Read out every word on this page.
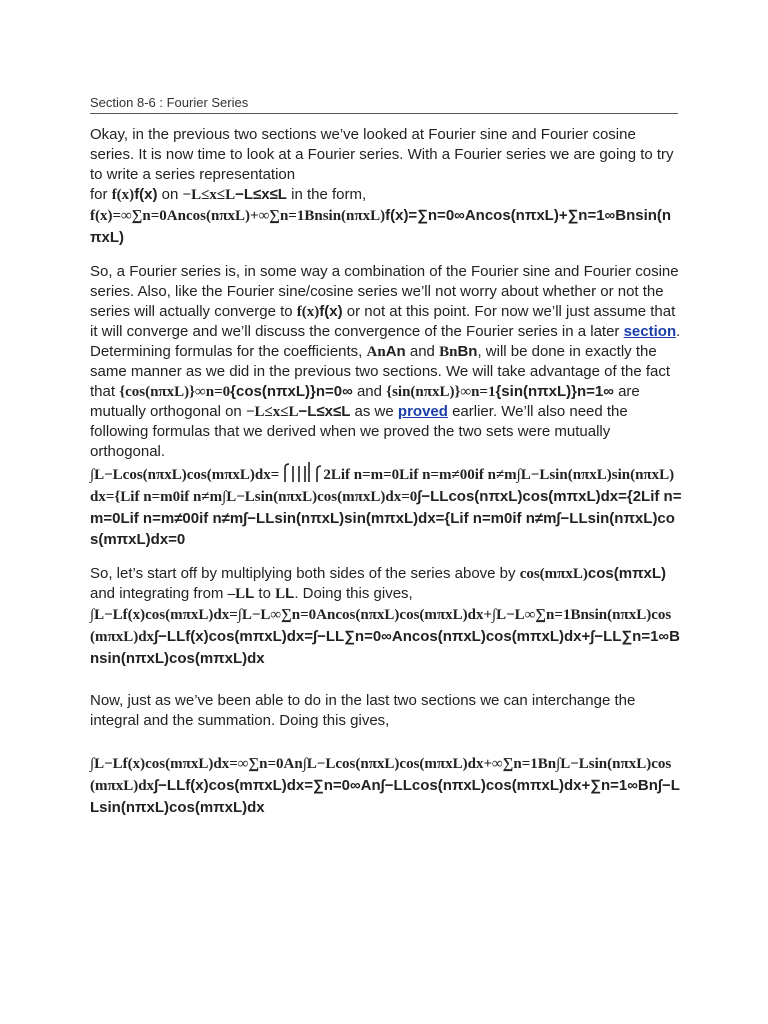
Section 8-6 : Fourier Series

Okay, in the previous two sections we’ve looked at Fourier sine and Fourier cosine series. It is now time to look at a Fourier series. With a Fourier series we are going to try to write a series representation
for f(x)f(x) on −L≤x≤L−L≤x≤L in the form,

f(x)=∞∑n=0Ancos(nπxL)+∞∑n=1Bnsin(nπxL)f(x)=∑n=0∞Ancos(nπxL)+∑n=1∞Bnsin(nπxL)

So, a Fourier series is, in some way a combination of the Fourier sine and Fourier cosine series. Also, like the Fourier sine/cosine series we’ll not worry about whether or not the series will actually converge to f(x)f(x) or not at this point. For now we’ll just assume that it will converge and we’ll discuss the convergence of the Fourier series in a later section.

Determining formulas for the coefficients, AnAn and BnBn, will be done in exactly the same manner as we did in the previous two sections. We will take advantage of the fact

that {cos(nπxL)}∞n=0{cos(nπxL)}n=0∞ and {sin(nπxL)}∞n=1{sin(nπxL)}n=1∞ are mutually orthogonal on −L≤x≤L−L≤x≤L as we proved earlier. We’ll also need the following formulas that we derived when we proved the two sets were mutually orthogonal.

∫L−Lcos(nπxL)cos(mπxL)dx=	2Lif n=m=0Lif n=m≠00if n≠m∫L−Lsin(nπxL)sin(nπxL)dx={Lif n=m0if n≠m∫L−Lsin(nπxL)cos(mπxL)dx=0∫−LLcos(nπxL)cos(mπxL)dx={2Lif n=m=0Lif n=m≠00if n≠m∫−LLsin(nπxL)sin(mπxL)dx={Lif n=m0if n≠m∫−LLsin(nπxL)cos(mπxL)dx=0

So, let’s start off by multiplying both sides of the series above by cos(mπxL)cos(mπxL) and integrating from –LL to LL. Doing this gives,

∫L−Lf(x)cos(mπxL)dx=∫L−L∞∑n=0Ancos(nπxL)cos(mπxL)dx+∫L−L∞∑n=1Bnsin(nπxL)cos(mπxL)dx∫−LLf(x)cos(mπxL)dx=∫−LL∑n=0∞Ancos(nπxL)cos(mπxL)dx+∫−LL∑n=1∞Bnsin(nπxL)cos(mπxL)dx

Now, just as we’ve been able to do in the last two sections we can interchange the integral and the summation. Doing this gives,

∫L−Lf(x)cos(mπxL)dx=∞∑n=0An∫L−Lcos(nπxL)cos(mπxL)dx+∞∑n=1Bn∫L−Lsin(nπxL)cos(mπxL)dx∫−LLf(x)cos(mπxL)dx=∑n=0∞An∫−LLcos(nπxL)cos(mπxL)dx+∑n=1∞Bn∫−LLsin(nπxL)cos(mπxL)dx
